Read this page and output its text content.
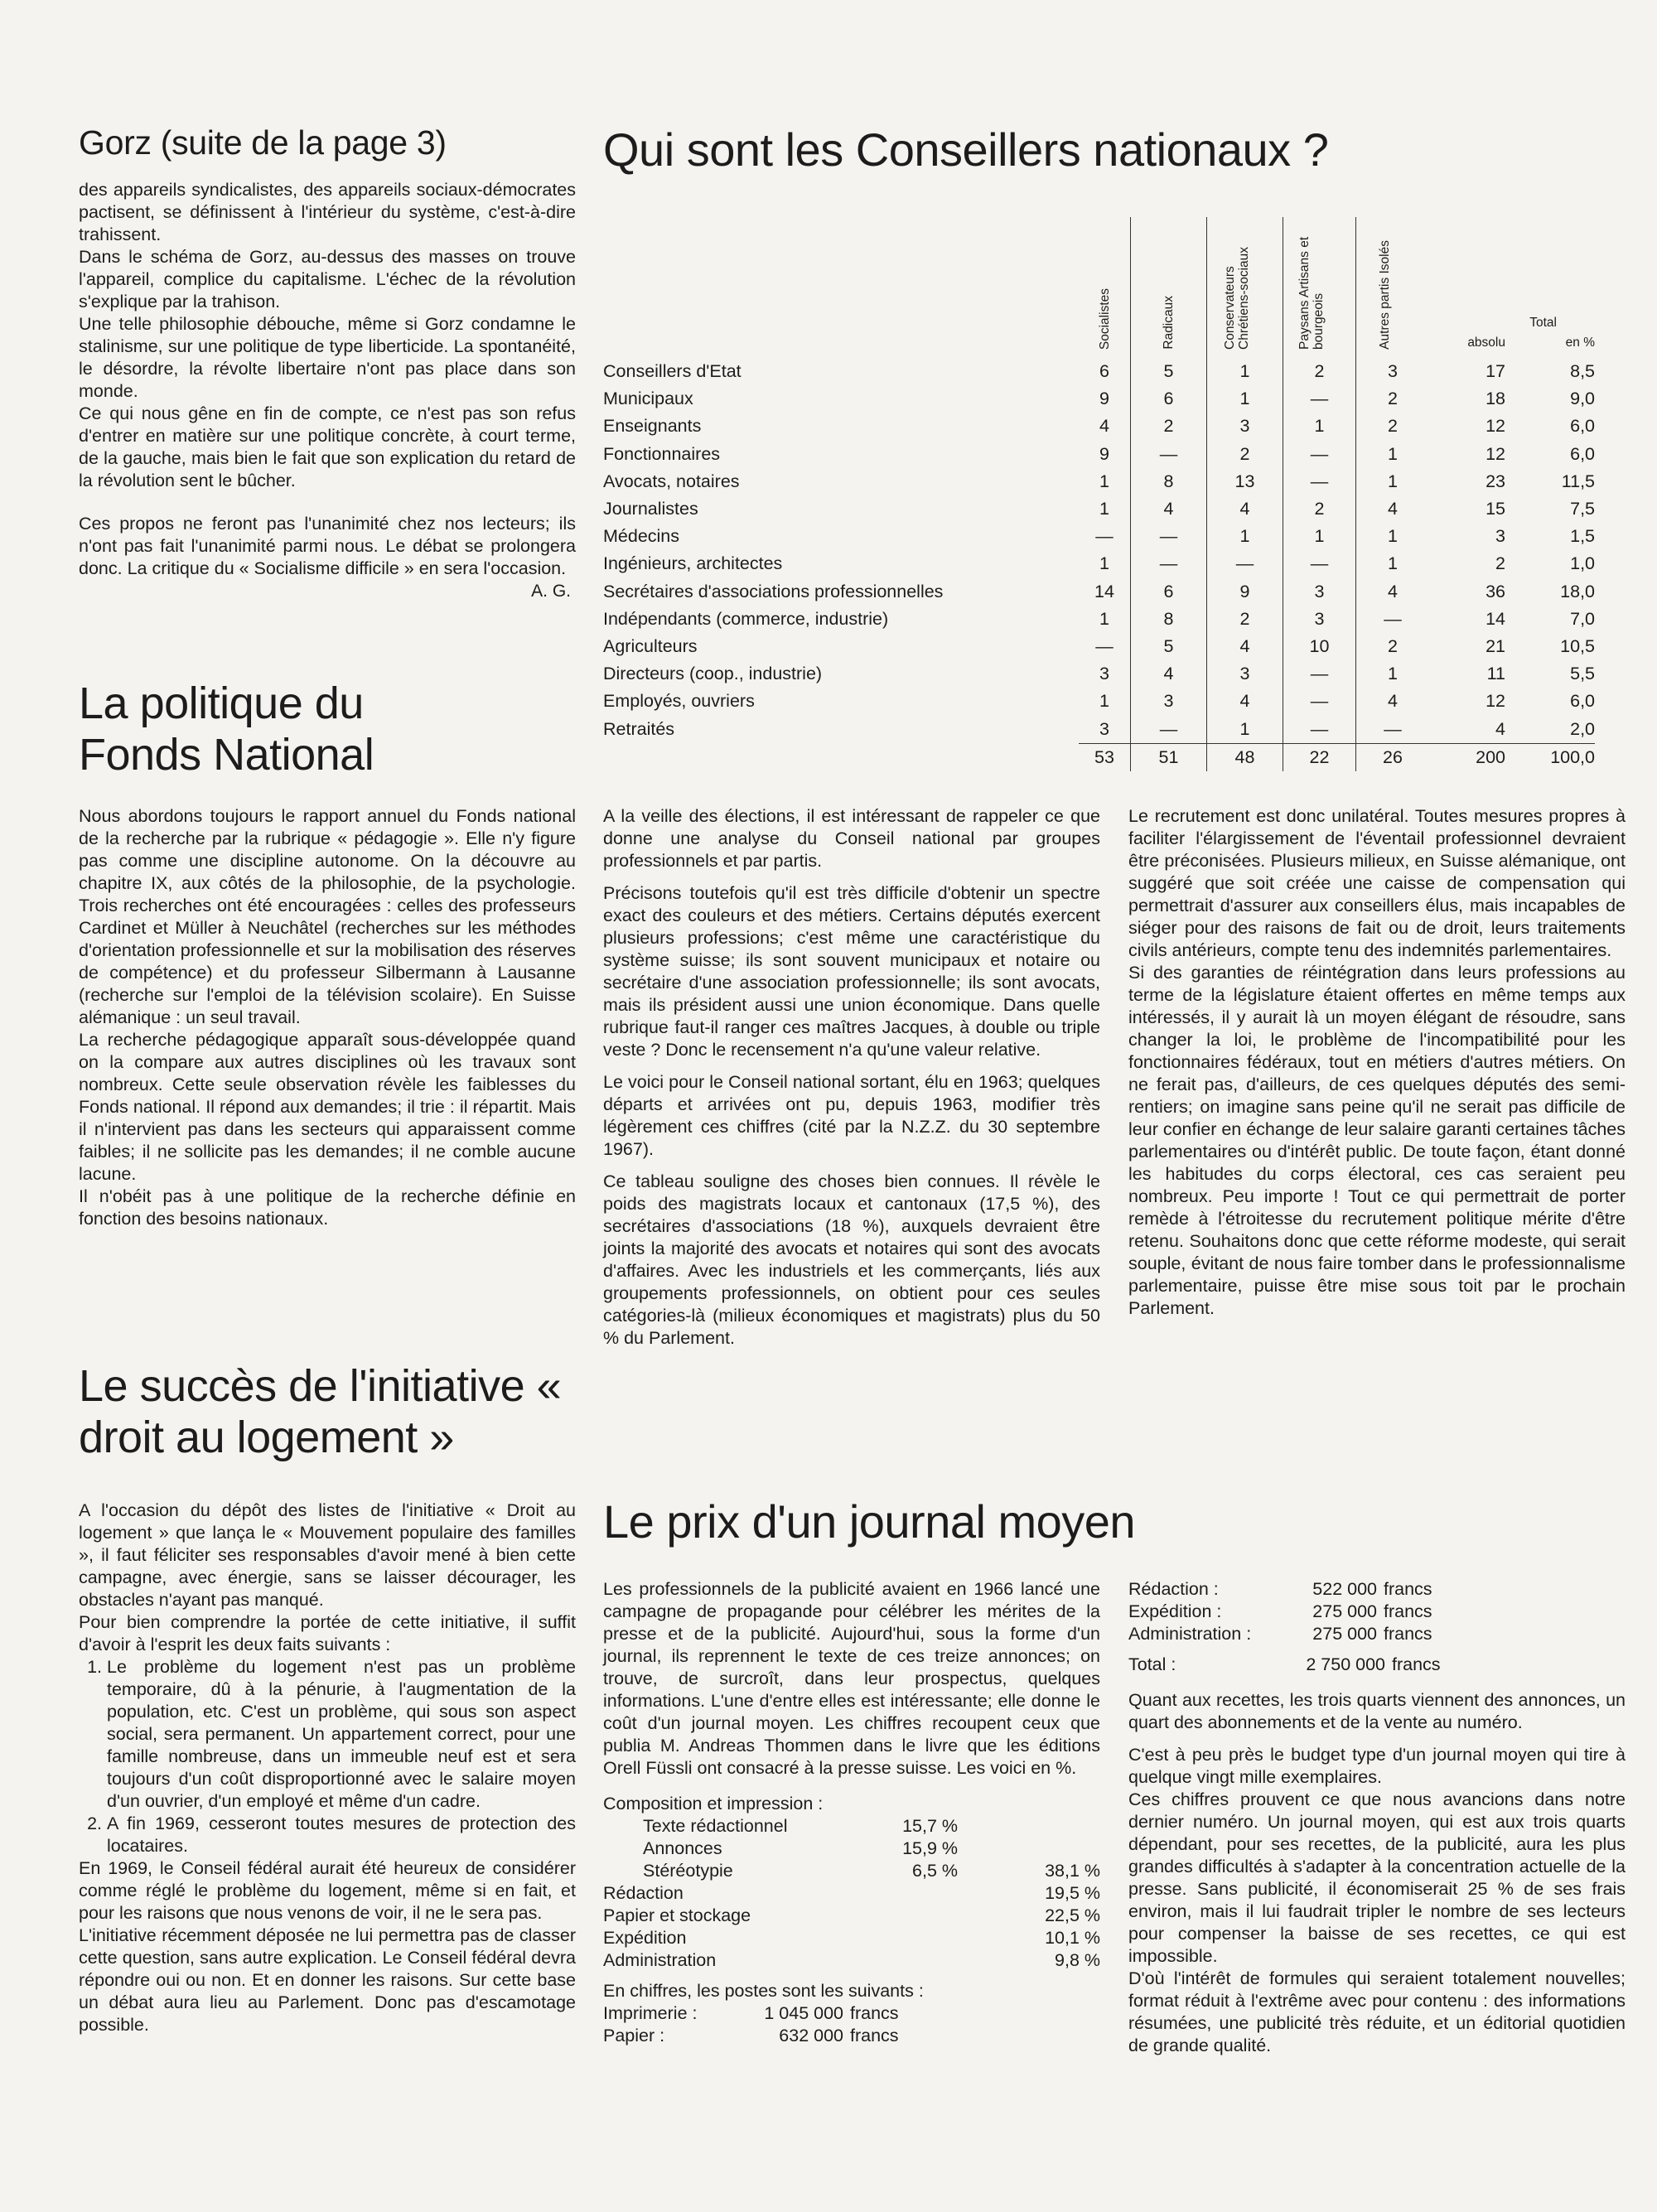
Gorz (suite de la page 3)

des appareils syndicalistes, des appareils sociaux-démocrates pactisent, se définissent à l'intérieur du système, c'est-à-dire trahissent.

Dans le schéma de Gorz, au-dessus des masses on trouve l'appareil, complice du capitalisme. L'échec de la révolution s'explique par la trahison.

Une telle philosophie débouche, même si Gorz condamne le stalinisme, sur une politique de type liberticide. La spontanéité, le désordre, la révolte libertaire n'ont pas place dans son monde.

Ce qui nous gêne en fin de compte, ce n'est pas son refus d'entrer en matière sur une politique concrète, à court terme, de la gauche, mais bien le fait que son explication du retard de la révolution sent le bûcher.

Ces propos ne feront pas l'unanimité chez nos lecteurs; ils n'ont pas fait l'unanimité parmi nous. Le débat se prolongera donc. La critique du « Socialisme difficile » en sera l'occasion.

A. G.
La politique du Fonds National

Nous abordons toujours le rapport annuel du Fonds national de la recherche par la rubrique « pédagogie ». Elle n'y figure pas comme une discipline autonome. On la découvre au chapitre IX, aux côtés de la philosophie, de la psychologie. Trois recherches ont été encouragées : celles des professeurs Cardinet et Müller à Neuchâtel (recherches sur les méthodes d'orientation professionnelle et sur la mobilisation des réserves de compétence) et du professeur Silbermann à Lausanne (recherche sur l'emploi de la télévision scolaire). En Suisse alémanique : un seul travail.

La recherche pédagogique apparaît sous-développée quand on la compare aux autres disciplines où les travaux sont nombreux. Cette seule observation révèle les faiblesses du Fonds national. Il répond aux demandes; il trie : il répartit. Mais il n'intervient pas dans les secteurs qui apparaissent comme faibles; il ne sollicite pas les demandes; il ne comble aucune lacune.

Il n'obéit pas à une politique de la recherche définie en fonction des besoins nationaux.

Le succès de l'initiative « droit au logement »

A l'occasion du dépôt des listes de l'initiative « Droit au logement » que lança le « Mouvement populaire des familles », il faut féliciter ses responsables d'avoir mené à bien cette campagne, avec énergie, sans se laisser décourager, les obstacles n'ayant pas manqué.

Pour bien comprendre la portée de cette initiative, il suffit d'avoir à l'esprit les deux faits suivants :

1. Le problème du logement n'est pas un problème temporaire, dû à la pénurie, à l'augmentation de la population, etc. C'est un problème, qui sous son aspect social, sera permanent. Un appartement correct, pour une famille nombreuse, dans un immeuble neuf est et sera toujours d'un coût disproportionné avec le salaire moyen d'un ouvrier, d'un employé et même d'un cadre.
2. A fin 1969, cesseront toutes mesures de protection des locataires.

En 1969, le Conseil fédéral aurait été heureux de considérer comme réglé le problème du logement, même si en fait, et pour les raisons que nous venons de voir, il ne le sera pas.

L'initiative récemment déposée ne lui permettra pas de classer cette question, sans autre explication. Le Conseil fédéral devra répondre oui ou non. Et en donner les raisons. Sur cette base un débat aura lieu au Parlement. Donc pas d'escamotage possible.

Qui sont les Conseillers nationaux ?
	Socialistes	Radicaux	Conservateurs Chrétiens-sociaux	Paysans Artisans et bourgeois	Autres partis Isolés	Total
absolu	en %
Conseillers d'Etat	6	5	1	2	3	17	8,5
Municipaux	9	6	1	—	2	18	9,0
Enseignants	4	2	3	1	2	12	6,0
Fonctionnaires	9	—	2	—	1	12	6,0
Avocats, notaires	1	8	13	—	1	23	11,5
Journalistes	1	4	4	2	4	15	7,5
Médecins	—	—	1	1	1	3	1,5
Ingénieurs, architectes	1	—	—	—	1	2	1,0
Secrétaires d'associations professionnelles	14	6	9	3	4	36	18,0
Indépendants (commerce, industrie)	1	8	2	3	—	14	7,0
Agriculteurs	—	5	4	10	2	21	10,5
Directeurs (coop., industrie)	3	4	3	—	1	11	5,5
Employés, ouvriers	1	3	4	—	4	12	6,0
Retraités	3	—	1	—	—	4	2,0
	53	51	48	22	26	200	100,0

A la veille des élections, il est intéressant de rappeler ce que donne une analyse du Conseil national par groupes professionnels et par partis.

Précisons toutefois qu'il est très difficile d'obtenir un spectre exact des couleurs et des métiers. Certains députés exercent plusieurs professions; c'est même une caractéristique du système suisse; ils sont souvent municipaux et notaire ou secrétaire d'une association professionnelle; ils sont avocats, mais ils président aussi une union économique. Dans quelle rubrique faut-il ranger ces maîtres Jacques, à double ou triple veste ? Donc le recensement n'a qu'une valeur relative.

Le voici pour le Conseil national sortant, élu en 1963; quelques départs et arrivées ont pu, depuis 1963, modifier très légèrement ces chiffres (cité par la N.Z.Z. du 30 septembre 1967).

Ce tableau souligne des choses bien connues. Il révèle le poids des magistrats locaux et cantonaux (17,5 %), des secrétaires d'associations (18 %), auxquels devraient être joints la majorité des avocats et notaires qui sont des avocats d'affaires. Avec les industriels et les commerçants, liés aux groupements professionnels, on obtient pour ces seules catégories-là (milieux économiques et magistrats) plus du 50 % du Parlement.

Le recrutement est donc unilatéral. Toutes mesures propres à faciliter l'élargissement de l'éventail professionnel devraient être préconisées. Plusieurs milieux, en Suisse alémanique, ont suggéré que soit créée une caisse de compensation qui permettrait d'assurer aux conseillers élus, mais incapables de siéger pour des raisons de fait ou de droit, leurs traitements civils antérieurs, compte tenu des indemnités parlementaires.

Si des garanties de réintégration dans leurs professions au terme de la législature étaient offertes en même temps aux intéressés, il y aurait là un moyen élégant de résoudre, sans changer la loi, le problème de l'incompatibilité pour les fonctionnaires fédéraux, tout en métiers d'autres métiers. On ne ferait pas, d'ailleurs, de ces quelques députés des semi-rentiers; on imagine sans peine qu'il ne serait pas difficile de leur confier en échange de leur salaire garanti certaines tâches parlementaires ou d'intérêt public. De toute façon, étant donné les habitudes du corps électoral, ces cas seraient peu nombreux. Peu importe ! Tout ce qui permettrait de porter remède à l'étroitesse du recrutement politique mérite d'être retenu. Souhaitons donc que cette réforme modeste, qui serait souple, évitant de nous faire tomber dans le professionnalisme parlementaire, puisse être mise sous toit par le prochain Parlement.

Le prix d'un journal moyen

Les professionnels de la publicité avaient en 1966 lancé une campagne de propagande pour célébrer les mérites de la presse et de la publicité. Aujourd'hui, sous la forme d'un journal, ils reprennent le texte de ces treize annonces; on trouve, de surcroît, dans leur prospectus, quelques informations. L'une d'entre elles est intéressante; elle donne le coût d'un journal moyen. Les chiffres recoupent ceux que publia M. Andreas Thommen dans le livre que les éditions Orell Füssli ont consacré à la presse suisse. Les voici en %.

Composition et impression :

Texte rédactionnel	15,7 %	
Annonces	15,9 %	
Stéréotypie	6,5 %	38,1 %
Rédaction		19,5 %
Papier et stockage		22,5 %
Expédition		10,1 %
Administration		9,8 %

En chiffres, les postes sont les suivants :

Imprimerie :	1 045 000	francs
Papier :	632 000	francs
Rédaction :	522 000	francs
Expédition :	275 000	francs
Administration :	275 000	francs
Total :	2 750 000	francs

Quant aux recettes, les trois quarts viennent des annonces, un quart des abonnements et de la vente au numéro.

C'est à peu près le budget type d'un journal moyen qui tire à quelque vingt mille exemplaires.

Ces chiffres prouvent ce que nous avancions dans notre dernier numéro. Un journal moyen, qui est aux trois quarts dépendant, pour ses recettes, de la publicité, aura les plus grandes difficultés à s'adapter à la concentration actuelle de la presse. Sans publicité, il économiserait 25 % de ses frais environ, mais il lui faudrait tripler le nombre de ses lecteurs pour compenser la baisse de ses recettes, ce qui est impossible.

D'où l'intérêt de formules qui seraient totalement nouvelles; format réduit à l'extrême avec pour contenu : des informations résumées, une publicité très réduite, et un éditorial quotidien de grande qualité.
